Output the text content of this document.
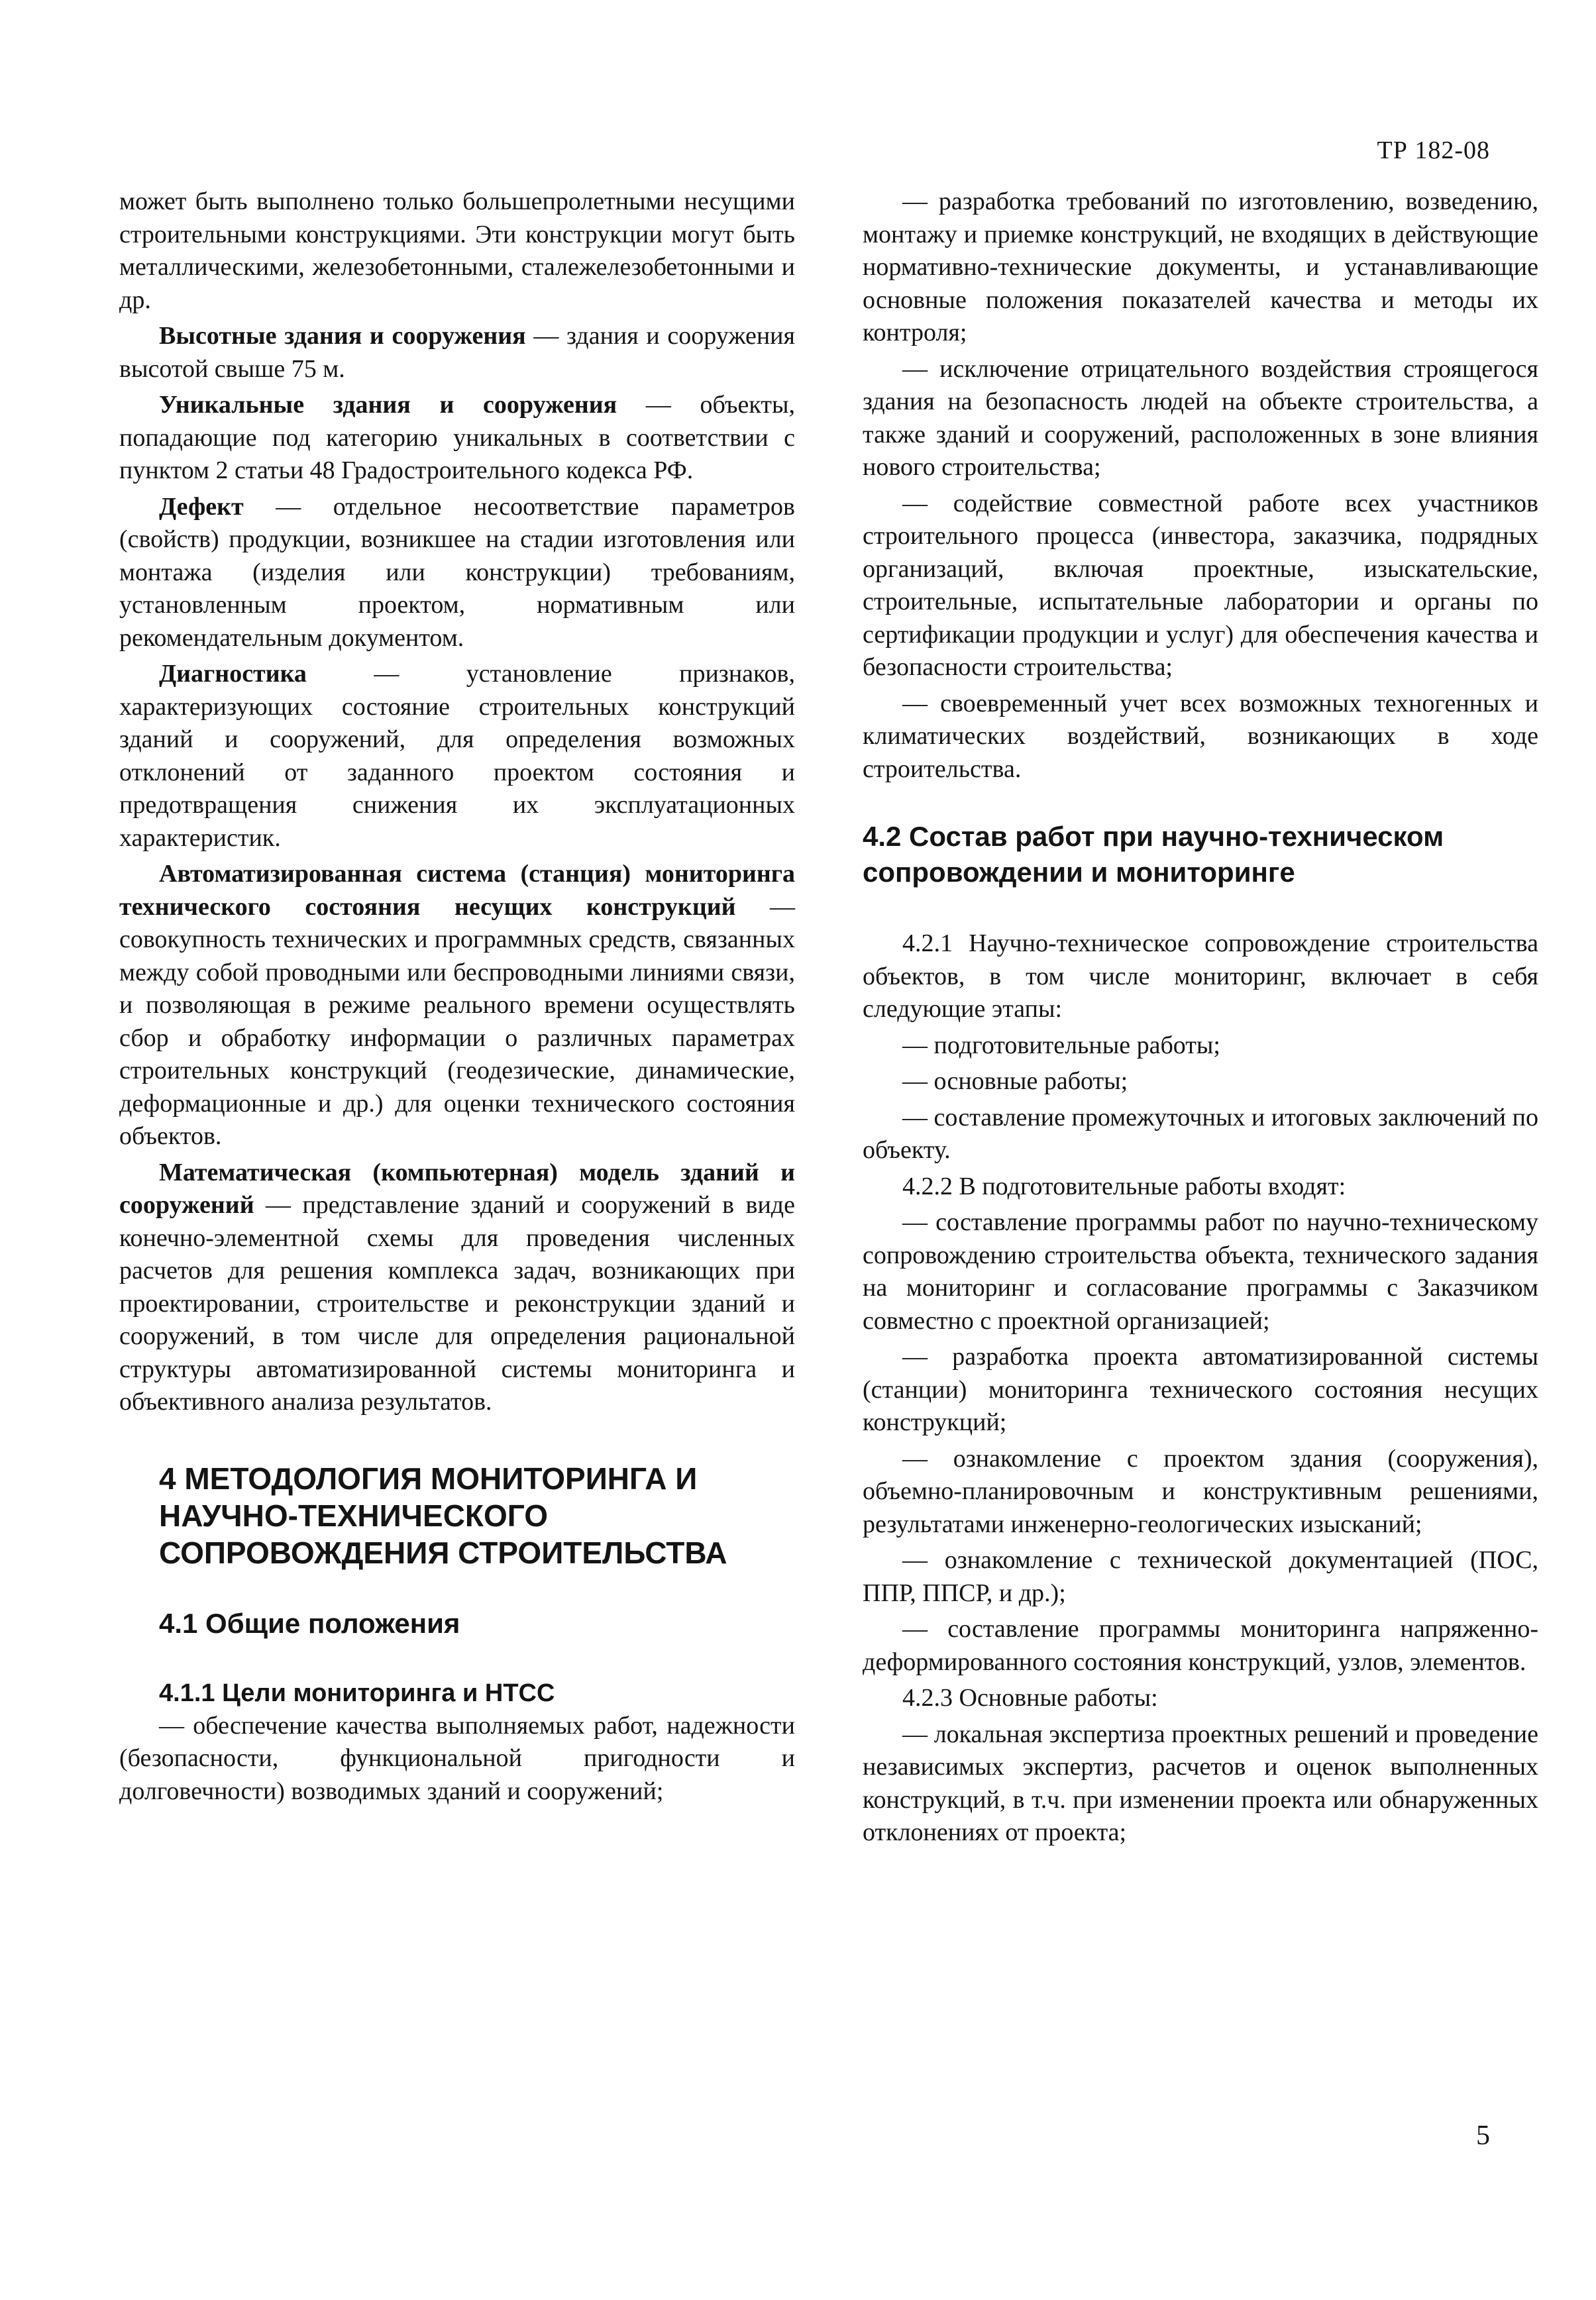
ТР 182-08

может быть выполнено только большепролетными несущими строительными конструкциями. Эти конструкции могут быть металлическими, железобетонными, сталежелезобетонными и др.

Высотные здания и сооружения — здания и сооружения высотой свыше 75 м.

Уникальные здания и сооружения — объекты, попадающие под категорию уникальных в соответствии с пунктом 2 статьи 48 Градостроительного кодекса РФ.

Дефект — отдельное несоответствие параметров (свойств) продукции, возникшее на стадии изготовления или монтажа (изделия или конструкции) требованиям, установленным проектом, нормативным или рекомендательным документом.

Диагностика — установление признаков, характеризующих состояние строительных конструкций зданий и сооружений, для определения возможных отклонений от заданного проектом состояния и предотвращения снижения их эксплуатационных характеристик.

Автоматизированная система (станция) мониторинга технического состояния несущих конструкций — совокупность технических и программных средств, связанных между собой проводными или беспроводными линиями связи, и позволяющая в режиме реального времени осуществлять сбор и обработку информации о различных параметрах строительных конструкций (геодезические, динамические, деформационные и др.) для оценки технического состояния объектов.

Математическая (компьютерная) модель зданий и сооружений — представление зданий и сооружений в виде конечно-элементной схемы для проведения численных расчетов для решения комплекса задач, возникающих при проектировании, строительстве и реконструкции зданий и сооружений, в том числе для определения рациональной структуры автоматизированной системы мониторинга и объективного анализа результатов.

4 МЕТОДОЛОГИЯ МОНИТОРИНГА И НАУЧНО-ТЕХНИЧЕСКОГО СОПРОВОЖДЕНИЯ СТРОИТЕЛЬСТВА
4.1 Общие положения
4.1.1 Цели мониторинга и НТСС

— обеспечение качества выполняемых работ, надежности (безопасности, функциональной пригодности и долговечности) возводимых зданий и сооружений;

— разработка требований по изготовлению, возведению, монтажу и приемке конструкций, не входящих в действующие нормативно-технические документы, и устанавливающие основные положения показателей качества и методы их контроля;

— исключение отрицательного воздействия строящегося здания на безопасность людей на объекте строительства, а также зданий и сооружений, расположенных в зоне влияния нового строительства;

— содействие совместной работе всех участников строительного процесса (инвестора, заказчика, подрядных организаций, включая проектные, изыскательские, строительные, испытательные лаборатории и органы по сертификации продукции и услуг) для обеспечения качества и безопасности строительства;

— своевременный учет всех возможных техногенных и климатических воздействий, возникающих в ходе строительства.

4.2 Состав работ при научно-техническом сопровождении и мониторинге

4.2.1 Научно-техническое сопровождение строительства объектов, в том числе мониторинг, включает в себя следующие этапы:

— подготовительные работы;

— основные работы;

— составление промежуточных и итоговых заключений по объекту.

4.2.2 В подготовительные работы входят:

— составление программы работ по научно-техническому сопровождению строительства объекта, технического задания на мониторинг и согласование программы с Заказчиком совместно с проектной организацией;

— разработка проекта автоматизированной системы (станции) мониторинга технического состояния несущих конструкций;

— ознакомление с проектом здания (сооружения), объемно-планировочным и конструктивным решениями, результатами инженерно-геологических изысканий;

— ознакомление с технической документацией (ПОС, ППР, ППСР, и др.);

— составление программы мониторинга напряженно-деформированного состояния конструкций, узлов, элементов.

4.2.3 Основные работы:

— локальная экспертиза проектных решений и проведение независимых экспертиз, расчетов и оценок выполненных конструкций, в т.ч. при изменении проекта или обнаруженных отклонениях от проекта;

5
